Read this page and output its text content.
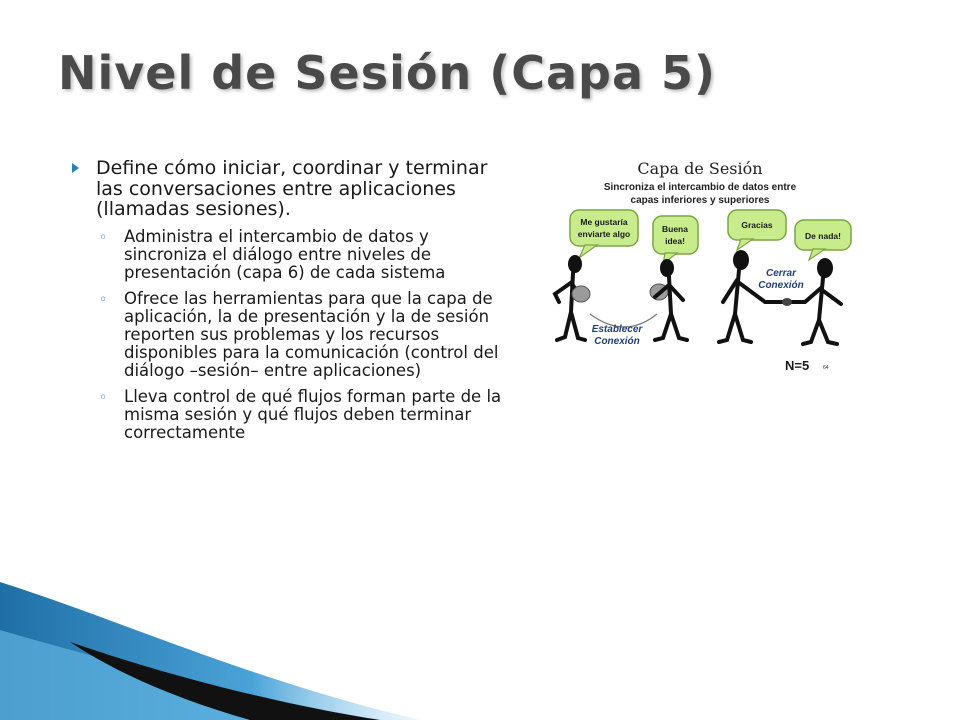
Nivel de Sesión (Capa 5)
Define cómo iniciar, coordinar y terminar las conversaciones entre aplicaciones (llamadas sesiones).
◦ Administra el intercambio de datos y sincroniza el diálogo entre niveles de presentación (capa 6) de cada sistema
◦ Ofrece las herramientas para que la capa de aplicación, la de presentación y la de sesión reporten sus problemas y los recursos disponibles para la comunicación (control del diálogo –sesión– entre aplicaciones)
◦ Lleva control de qué flujos forman parte de la misma sesión y qué flujos deben terminar correctamente
Capa de Sesión
Sincroniza el intercambio de datos entre
capas inferiores y superiores
Me gustaría
enviarte algo	Buena
idea!
Gracias
De nada!
Establecer
Conexión
Cerrar
Conexión
N=5	64
